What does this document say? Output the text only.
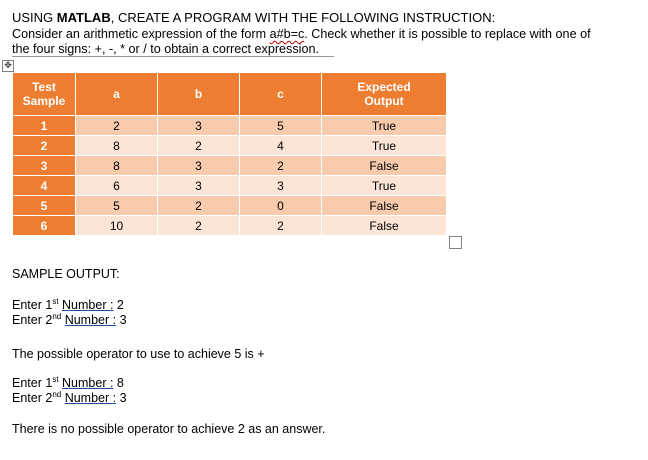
USING MATLAB, CREATE A PROGRAM WITH THE FOLLOWING INSTRUCTION:
Consider an arithmetic expression of the form a#b=c. Check whether it is possible to replace with one of
the four signs: +, -, * or / to obtain a correct expression.
✥
Test
Sample	a	b	c	Expected
Output
1	2	3	5	True
2	8	2	4	True
3	8	3	2	False
4	6	3	3	True
5	5	2	0	False
6	10	2	2	False
SAMPLE OUTPUT:
Enter 1st Number : 2
Enter 2nd Number : 3
The possible operator to use to achieve 5 is +
Enter 1st Number : 8
Enter 2nd Number : 3
There is no possible operator to achieve 2 as an answer.
